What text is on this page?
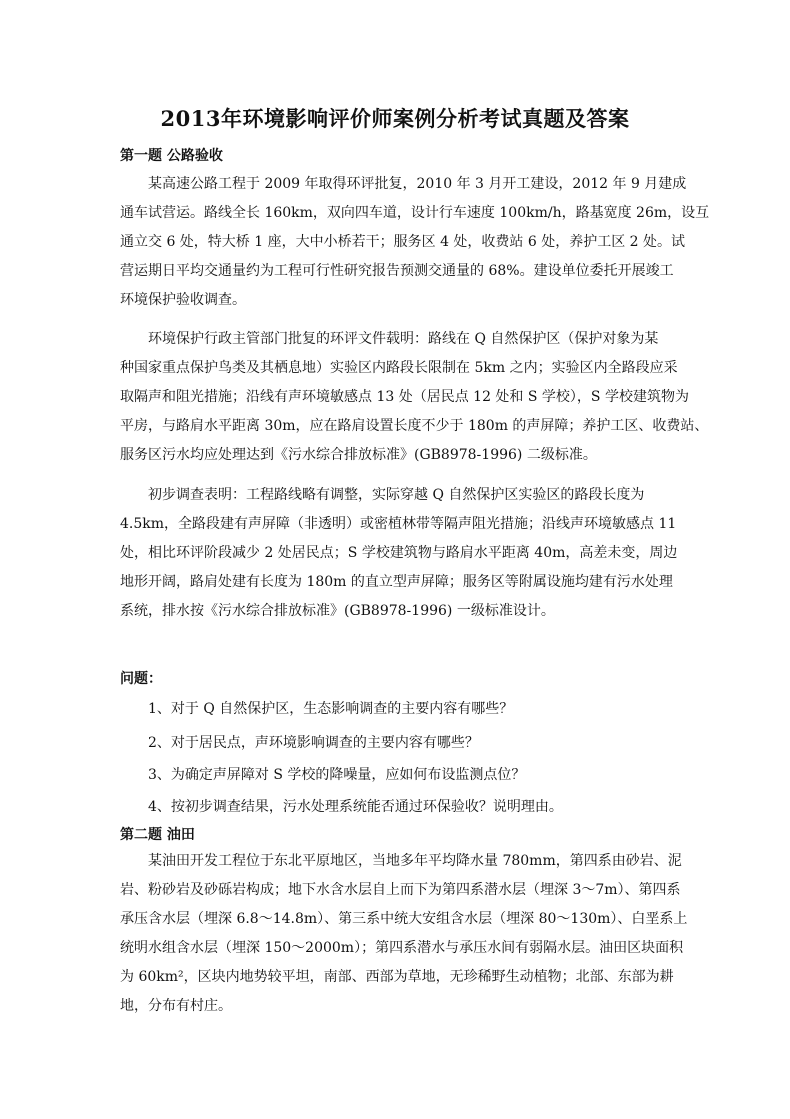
2013年环境影响评价师案例分析考试真题及答案
第一题 公路验收
某高速公路工程于 2009 年取得环评批复，2010 年 3 月开工建设，2012 年 9 月建成
通车试营运。路线全长 160km，双向四车道，设计行车速度 100km/h，路基宽度 26m，设互
通立交 6 处，特大桥 1 座，大中小桥若干；服务区 4 处，收费站 6 处，养护工区 2 处。试
营运期日平均交通量约为工程可行性研究报告预测交通量的 68%。建设单位委托开展竣工
环境保护验收调查。
环境保护行政主管部门批复的环评文件载明：路线在 Q 自然保护区（保护对象为某
种国家重点保护鸟类及其栖息地）实验区内路段长限制在 5km 之内；实验区内全路段应采
取隔声和阻光措施；沿线有声环境敏感点 13 处（居民点 12 处和 S 学校），S 学校建筑物为
平房，与路肩水平距离 30m，应在路肩设置长度不少于 180m 的声屏障；养护工区、收费站、
服务区污水均应处理达到《污水综合排放标准》(GB8978-1996) 二级标准。
初步调查表明：工程路线略有调整，实际穿越 Q 自然保护区实验区的路段长度为
4.5km，全路段建有声屏障（非透明）或密植林带等隔声阻光措施；沿线声环境敏感点 11
处，相比环评阶段减少 2 处居民点；S 学校建筑物与路肩水平距离 40m，高差未变，周边
地形开阔，路肩处建有长度为 180m 的直立型声屏障；服务区等附属设施均建有污水处理
系统，排水按《污水综合排放标准》(GB8978-1996) 一级标准设计。
问题：
1、对于 Q 自然保护区，生态影响调查的主要内容有哪些？
2、对于居民点，声环境影响调查的主要内容有哪些？
3、为确定声屏障对 S 学校的降噪量，应如何布设监测点位？
4、按初步调查结果，污水处理系统能否通过环保验收？说明理由。
第二题 油田
某油田开发工程位于东北平原地区，当地多年平均降水量 780mm，第四系由砂岩、泥
岩、粉砂岩及砂砾岩构成；地下水含水层自上而下为第四系潜水层（埋深 3～7m）、第四系
承压含水层（埋深 6.8～14.8m）、第三系中统大安组含水层（埋深 80～130m）、白垩系上
统明水组含水层（埋深 150～2000m）；第四系潜水与承压水间有弱隔水层。油田区块面积
为 60km²，区块内地势较平坦，南部、西部为草地，无珍稀野生动植物；北部、东部为耕
地，分布有村庄。
